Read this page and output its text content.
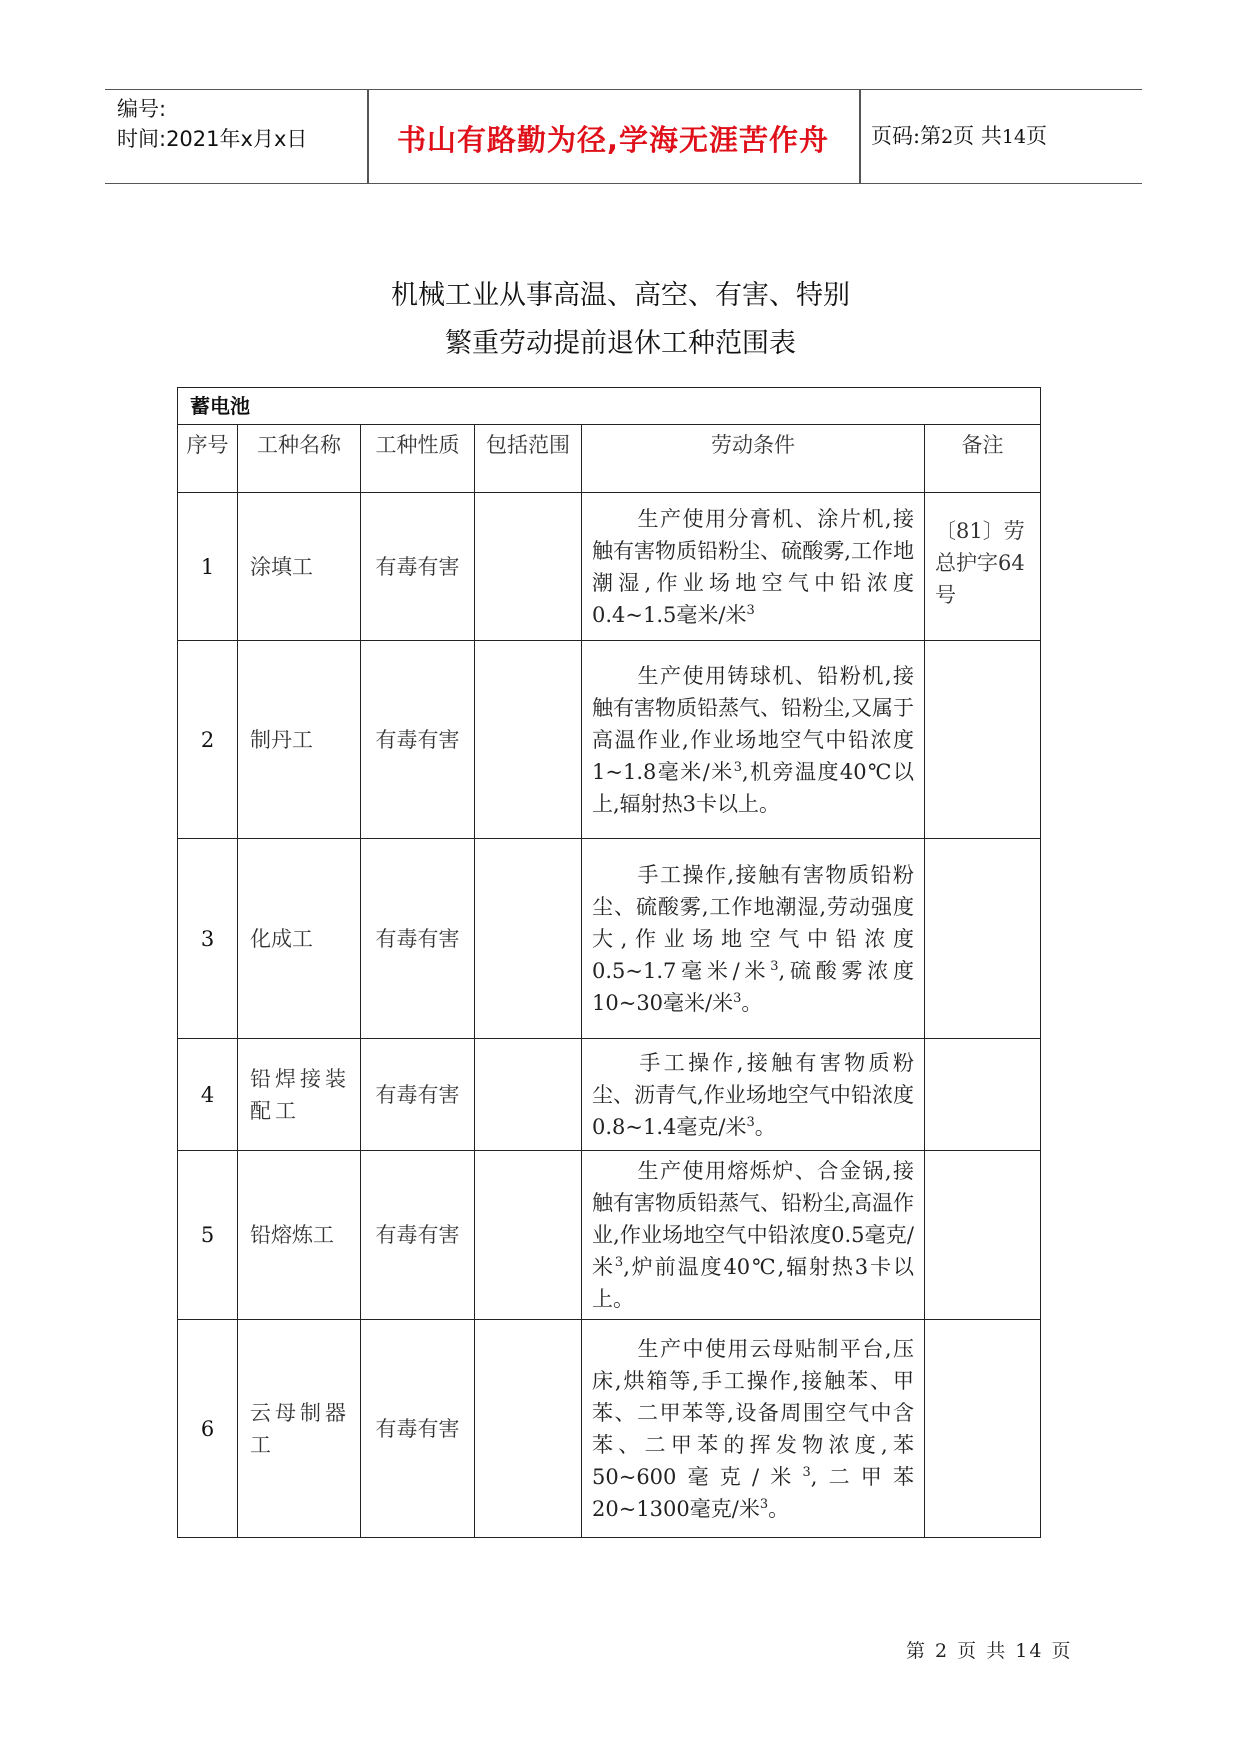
编号:
时间:2021年x月x日	书山有路勤为径,学海无涯苦作舟	页码:第2页 共14页
机械工业从事高温、高空、有害、特别
繁重劳动提前退休工种范围表
蓄电池					
序号	工种名称	工种性质	包括范围	劳动条件	备注
1	涂填工	有毒有害		生产使用分膏机、涂片机,接触有害物质铅粉尘、硫酸雾,工作地潮湿,作业场地空气中铅浓度0.4~1.5毫米/米$^3$	〔81〕劳总护字64号
2	制丹工	有毒有害		生产使用铸球机、铅粉机,接触有害物质铅蒸气、铅粉尘,又属于高温作业,作业场地空气中铅浓度1~1.8毫米/米$^3$,机旁温度40℃以上,辐射热3卡以上。	
3	化成工	有毒有害		手工操作,接触有害物质铅粉尘、硫酸雾,工作地潮湿,劳动强度大,作业场地空气中铅浓度0.5~1.7毫米/米$^3$,硫酸雾浓度10~30毫米/米$^3$。	
4	铅焊接装配工	有毒有害		手工操作,接触有害物质粉尘、沥青气,作业场地空气中铅浓度0.8~1.4毫克/米$^3$。	
5	铅熔炼工	有毒有害		生产使用熔烁炉、合金锅,接触有害物质铅蒸气、铅粉尘,高温作业,作业场地空气中铅浓度0.5毫克/米$^3$,炉前温度40℃,辐射热3卡以上。	
6	云母制器工	有毒有害		生产中使用云母贴制平台,压床,烘箱等,手工操作,接触苯、甲苯、二甲苯等,设备周围空气中含苯、二甲苯的挥发物浓度,苯50~600毫克/米$^3$,二甲苯20~1300毫克/米$^3$。	
第 2 页 共 14 页
